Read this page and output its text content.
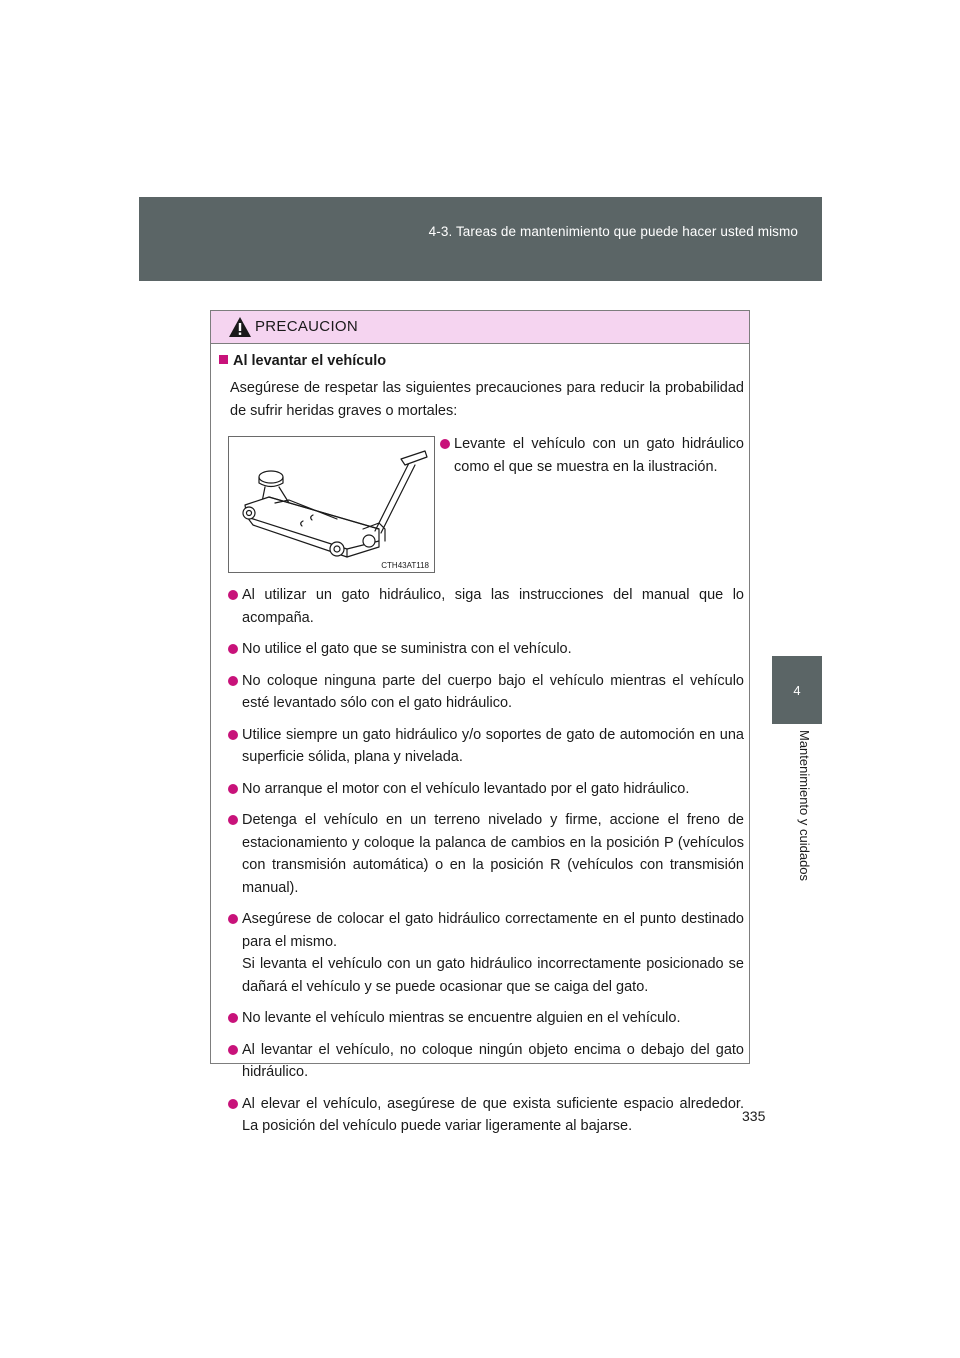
4-3. Tareas de mantenimiento que puede hacer usted mismo
4
Mantenimiento y cuidados
PRECAUCION
Al levantar el vehículo
Asegúrese de respetar las siguientes precauciones para reducir la probabilidad de sufrir heridas graves o mortales:
CTH43AT118
Levante el vehículo con un gato hidráulico como el que se muestra en la ilustración.
Al utilizar un gato hidráulico, siga las instrucciones del manual que lo acompaña.
No utilice el gato que se suministra con el vehículo.
No coloque ninguna parte del cuerpo bajo el vehículo mientras el vehículo esté levantado sólo con el gato hidráulico.
Utilice siempre un gato hidráulico y/o soportes de gato de automoción en una superficie sólida, plana y nivelada.
No arranque el motor con el vehículo levantado por el gato hidráulico.
Detenga el vehículo en un terreno nivelado y firme, accione el freno de estacionamiento y coloque la palanca de cambios en la posición P (vehículos con transmisión automática) o en la posición R (vehículos con transmisión manual).
Asegúrese de colocar el gato hidráulico correctamente en el punto destinado para el mismo.
Si levanta el vehículo con un gato hidráulico incorrectamente posicionado se dañará el vehículo y se puede ocasionar que se caiga del gato.
No levante el vehículo mientras se encuentre alguien en el vehículo.
Al levantar el vehículo, no coloque ningún objeto encima o debajo del gato hidráulico.
Al elevar el vehículo, asegúrese de que exista suficiente espacio alrededor. La posición del vehículo puede variar ligeramente al bajarse.
335
